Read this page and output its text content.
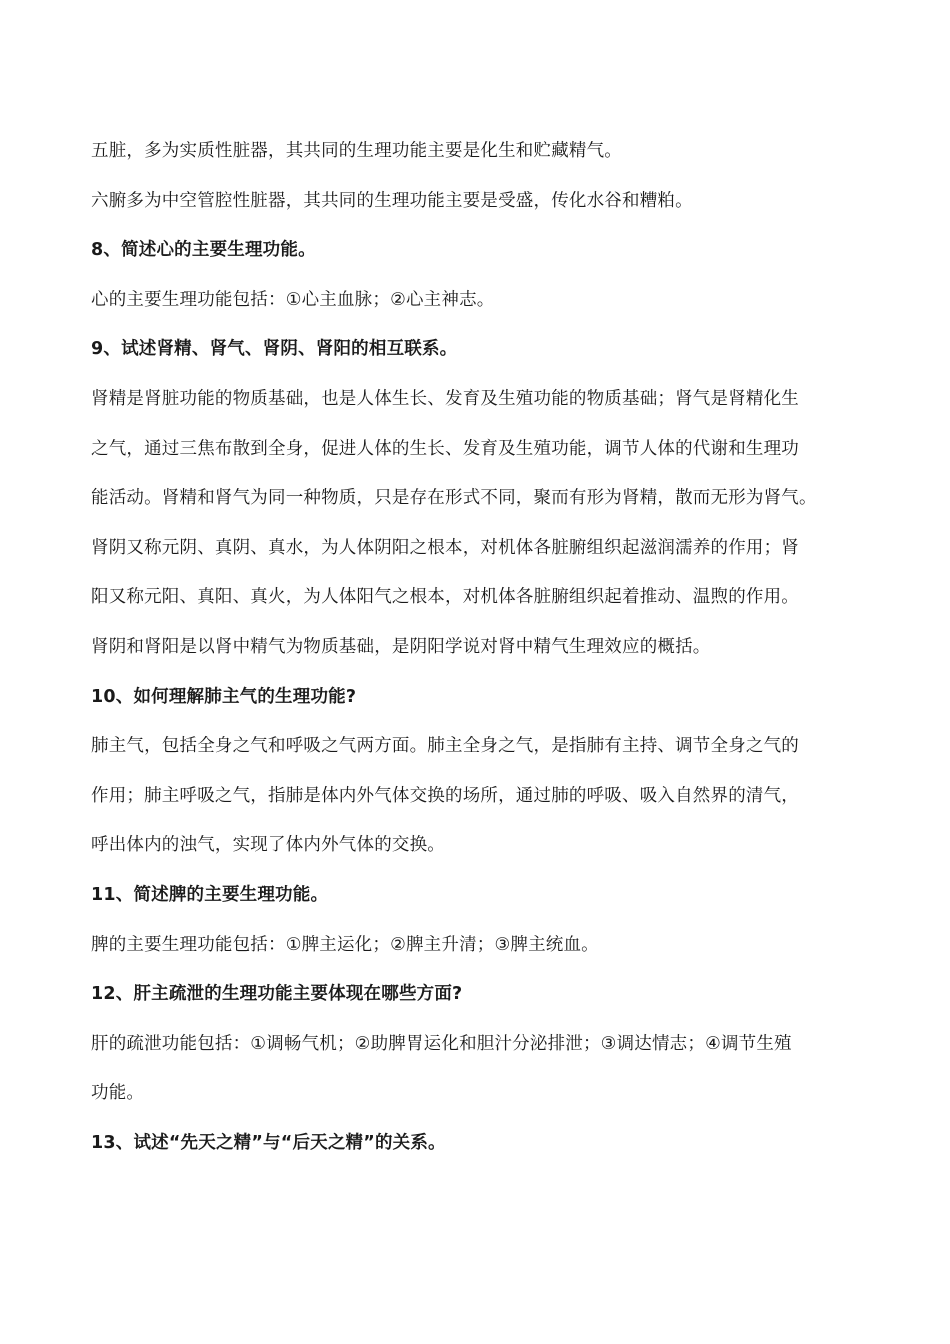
五脏，多为实质性脏器，其共同的生理功能主要是化生和贮藏精气。
六腑多为中空管腔性脏器，其共同的生理功能主要是受盛，传化水谷和糟粕。
8、简述心的主要生理功能。
心的主要生理功能包括：①心主血脉；②心主神志。
9、试述肾精、肾气、肾阴、肾阳的相互联系。
肾精是肾脏功能的物质基础，也是人体生长、发育及生殖功能的物质基础；肾气是肾精化生
之气，通过三焦布散到全身，促进人体的生长、发育及生殖功能，调节人体的代谢和生理功
能活动。肾精和肾气为同一种物质，只是存在形式不同，聚而有形为肾精，散而无形为肾气。
肾阴又称元阴、真阴、真水，为人体阴阳之根本，对机体各脏腑组织起滋润濡养的作用；肾
阳又称元阳、真阳、真火，为人体阳气之根本，对机体各脏腑组织起着推动、温煦的作用。
肾阴和肾阳是以肾中精气为物质基础，是阴阳学说对肾中精气生理效应的概括。
10、如何理解肺主气的生理功能?
肺主气，包括全身之气和呼吸之气两方面。肺主全身之气，是指肺有主持、调节全身之气的
作用；肺主呼吸之气，指肺是体内外气体交换的场所，通过肺的呼吸、吸入自然界的清气，
呼出体内的浊气，实现了体内外气体的交换。
11、简述脾的主要生理功能。
脾的主要生理功能包括：①脾主运化；②脾主升清；③脾主统血。
12、肝主疏泄的生理功能主要体现在哪些方面?
肝的疏泄功能包括：①调畅气机；②助脾胃运化和胆汁分泌排泄；③调达情志；④调节生殖
功能。
13、试述“先天之精”与“后天之精”的关系。
